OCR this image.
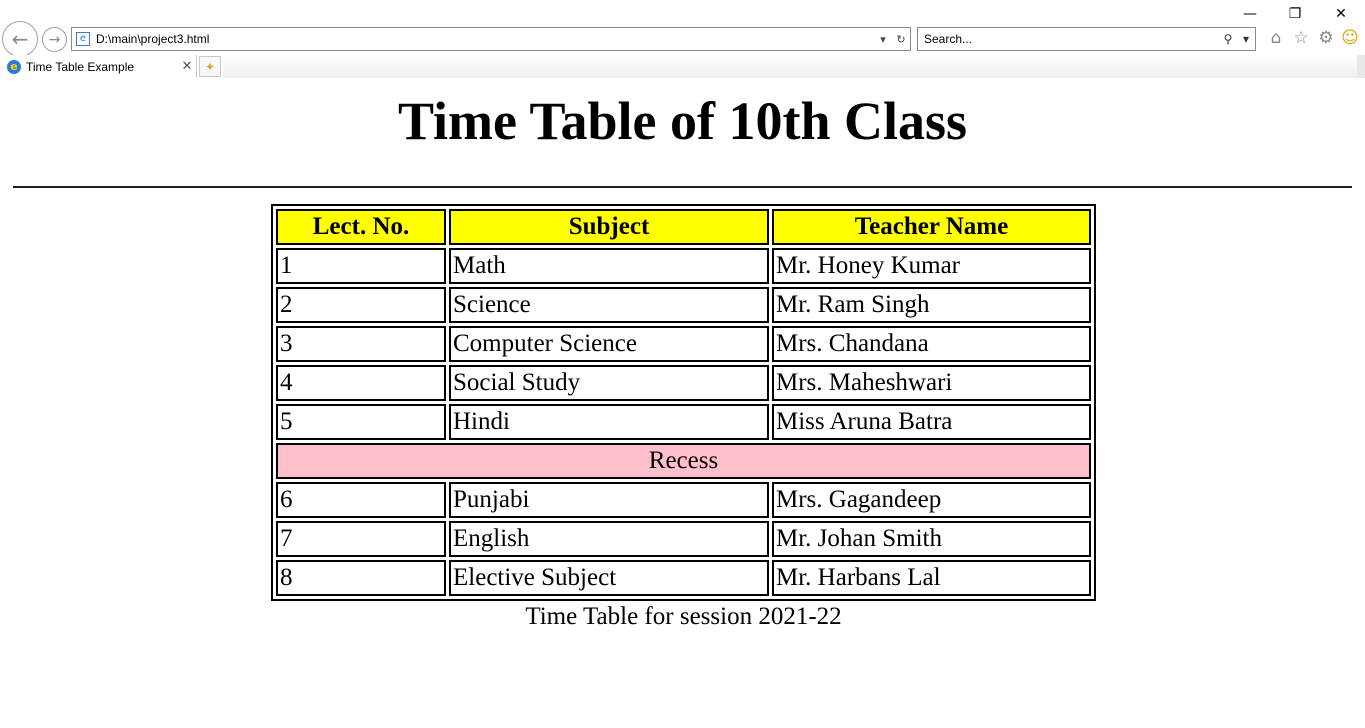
← →	e D:\main\project3.html	▾ ↻
Search...	⚲ ▾	⌂ ☆ ⚙ ☺
— ❐ ✕
e Time Table Example	✕ ✦
Time Table of 10th Class
Time Table for session 2021-22
Lect. No.	Subject	Teacher Name
1	Math	Mr. Honey Kumar
2	Science	Mr. Ram Singh
3	Computer Science	Mrs. Chandana
4	Social Study	Mrs. Maheshwari
5	Hindi	Miss Aruna Batra
Recess		
6	Punjabi	Mrs. Gagandeep
7	English	Mr. Johan Smith
8	Elective Subject	Mr. Harbans Lal
